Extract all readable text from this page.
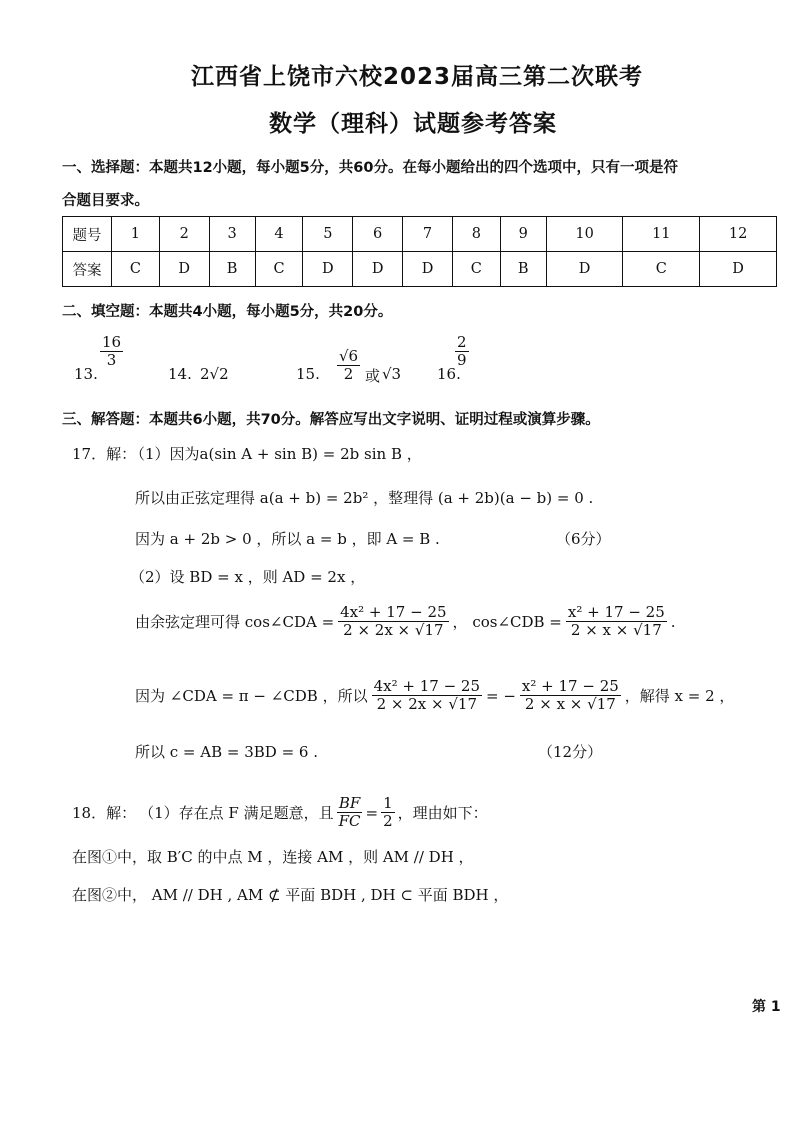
江西省上饶市六校2023届高三第二次联考
数学（理科）试题参考答案
一、选择题：本题共12小题，每小题5分，共60分。在每小题给出的四个选项中，只有一项是符
合题目要求。
题号	1	2	3	4	5	6	7	8	9	10	11	12
答案	C	D	B	C	D	D	D	C	B	D	C	D
二、填空题：本题共4小题，每小题5分，共20分。
13.
$\frac{16}{3}$
14. 2√2	15. $\frac{√6}{2}$ 或 √3 16.
$\frac{2}{9}$
三、解答题：本题共6小题，共70分。解答应写出文字说明、证明过程或演算步骤。
17．解：
（1）因为a(sin A + sin B) = 2b sin B ，
所以由正弦定理得 a(a + b) = 2b² ，整理得 (a + 2b)(a − b) = 0 .
因为 a + 2b > 0 ，所以 a = b ，即 A = B .	（6分）
（2）设 BD = x ，则 AD = 2x ，
由余弦定理可得 cos∠CDA = $\frac{\text{4x² + 17 − 25}}{2 \times 2x \times √17}$ ， cos∠CDB = $\frac{\text{x² + 17 − 25}}{2 \times x \times √17}$ .
因为 ∠CDA = π − ∠CDB ，所以 $\frac{\text{4x² + 17 − 25}}{2 \times 2x \times √17}$ = − $\frac{\text{x² + 17 − 25}}{2 \times x \times √17}$ ，解得 x = 2 ，
所以 c = AB = 3BD = 6 .	（12分）
18．解： （1）存在点 F 满足题意，且 $\frac{BF}{FC} = \frac{1}{2}$ ，理由如下：
在图①中，取 B′C 的中点 M ，连接 AM ，则 AM // DH ，
在图②中， AM // DH , AM ⊄ 平面 BDH , DH ⊂ 平面 BDH ，
第 1
